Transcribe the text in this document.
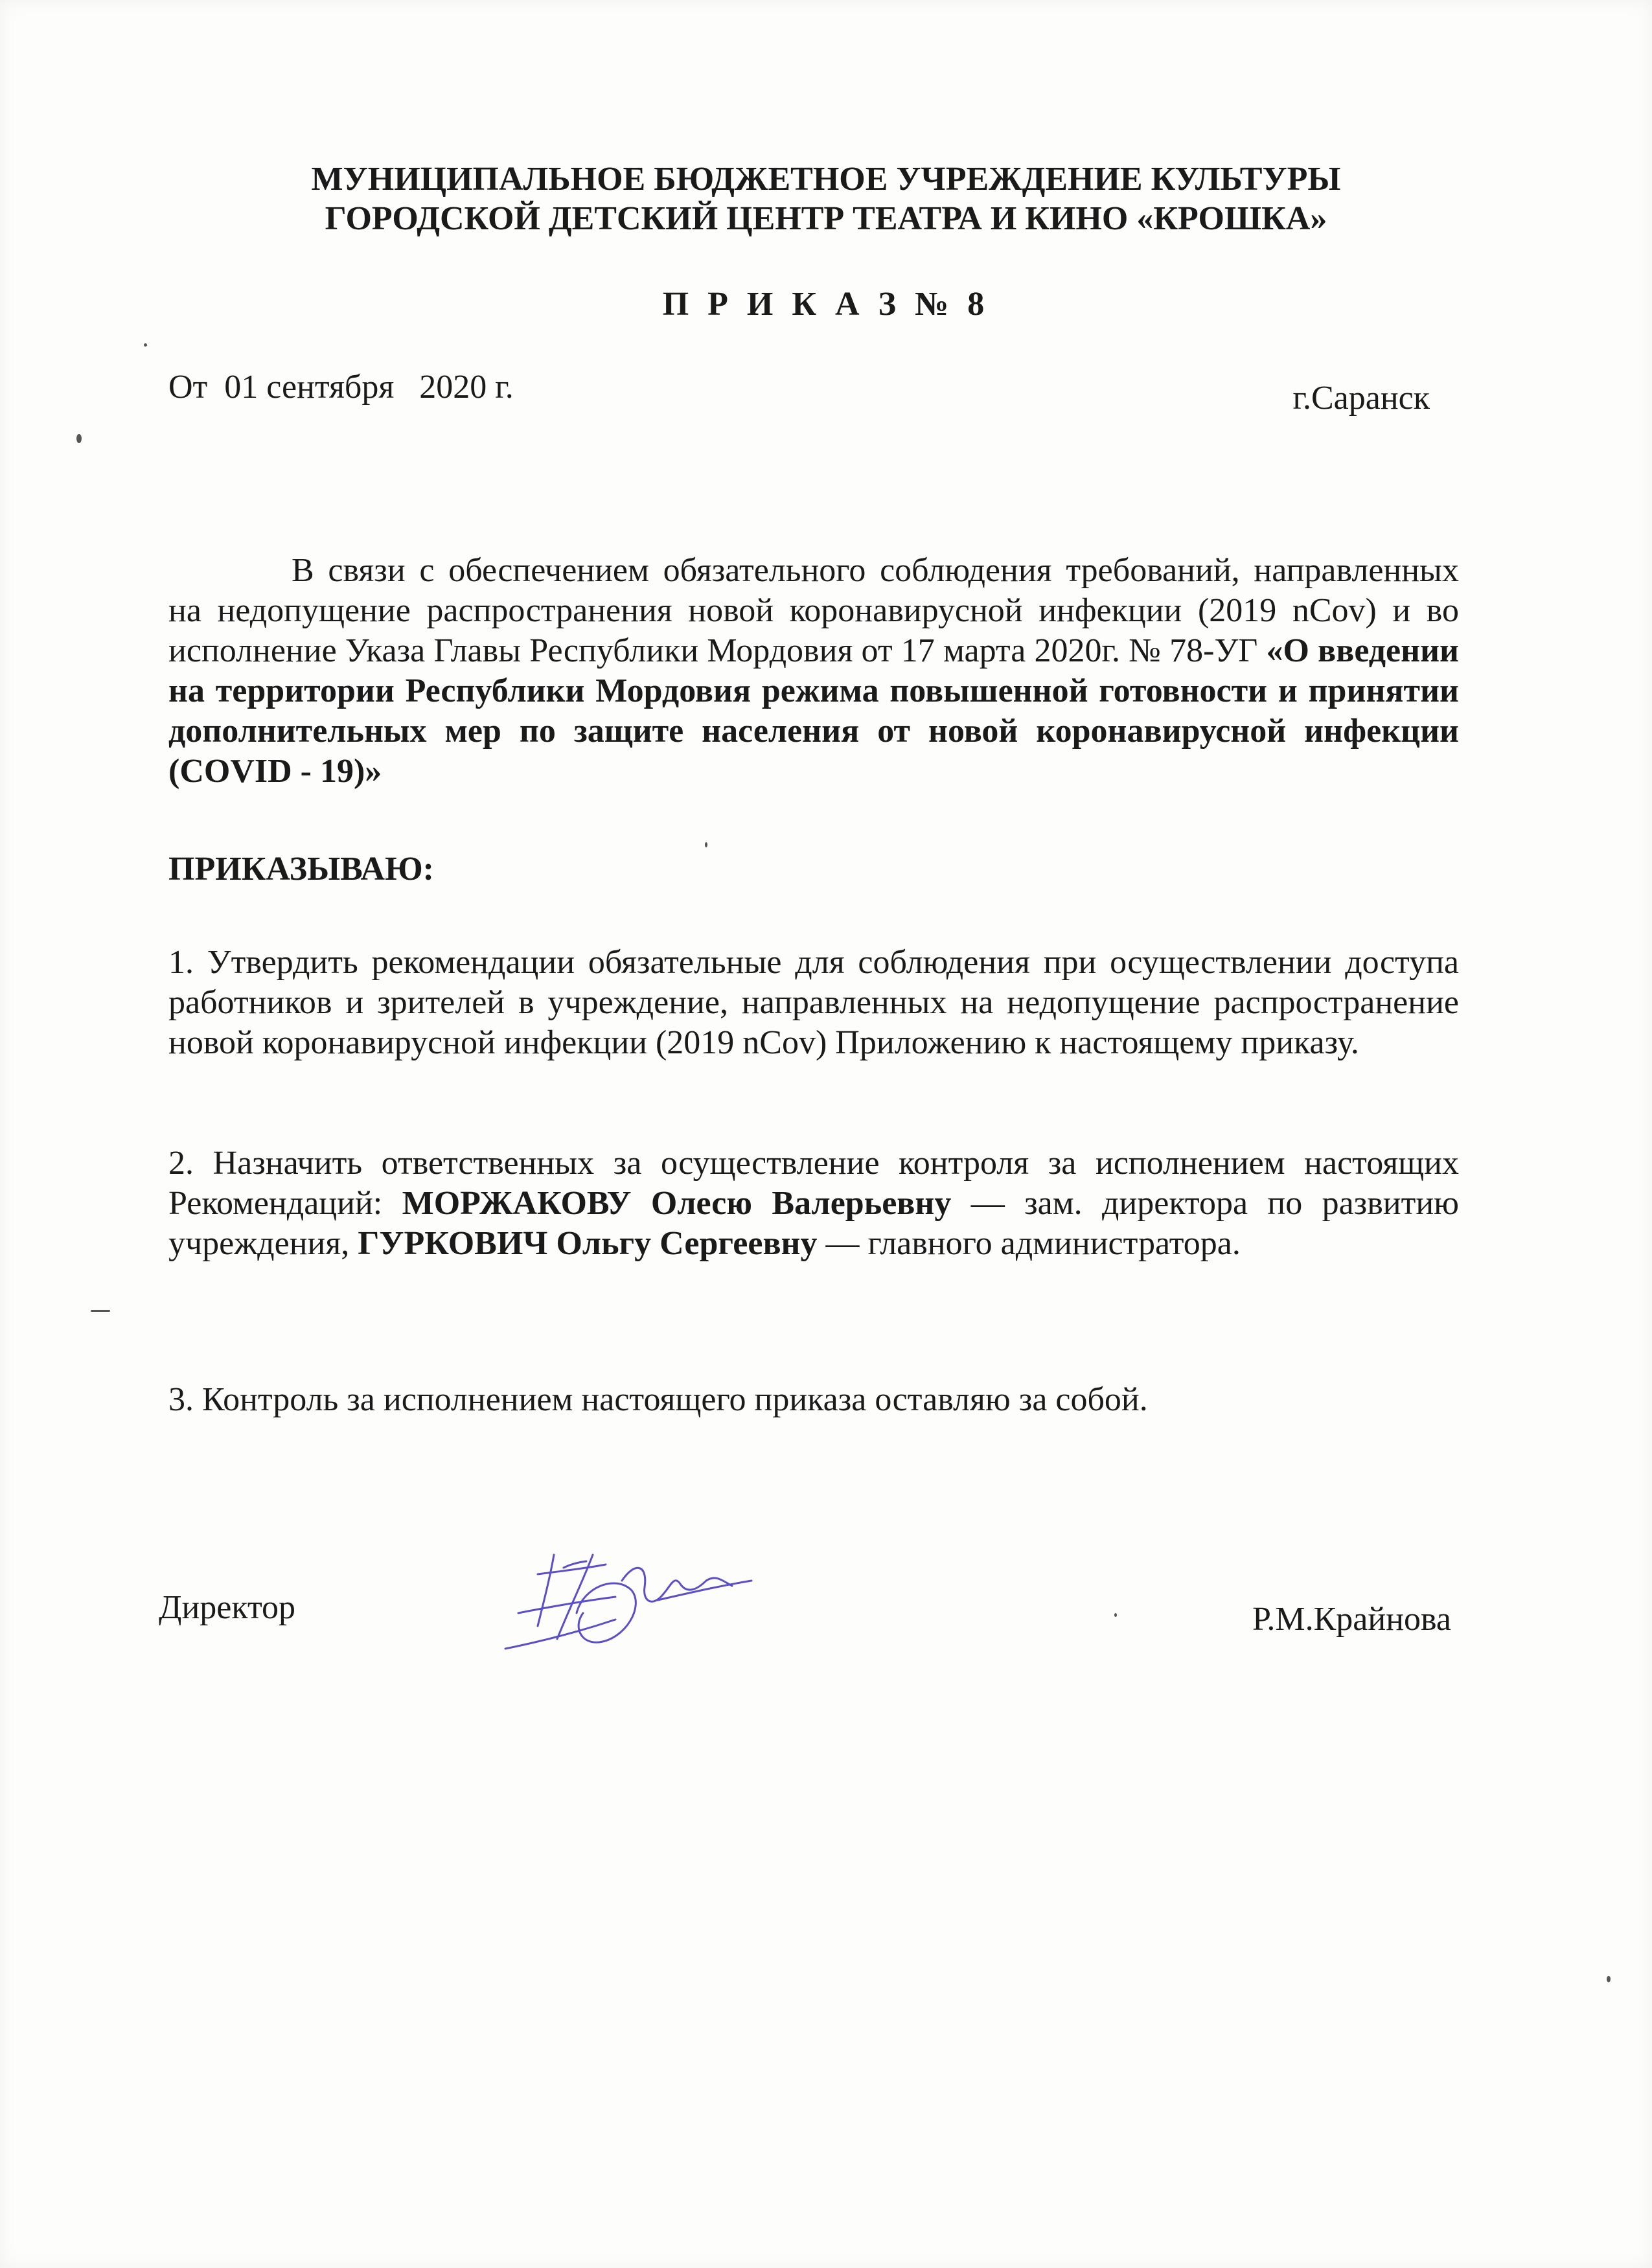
МУНИЦИПАЛЬНОЕ БЮДЖЕТНОЕ УЧРЕЖДЕНИЕ КУЛЬТУРЫ
ГОРОДСКОЙ ДЕТСКИЙ ЦЕНТР ТЕАТРА И КИНО «КРОШКА»
П Р И К А З № 8
От  01 сентября   2020 г.	г.Саранск
В связи с обеспечением обязательного соблюдения требований, направленных на недопущение распространения новой коронавирусной инфекции (2019 nCov) и во исполнение Указа Главы Республики Мордовия от 17 марта 2020г. № 78-УГ «О введении на территории Республики Мордовия режима повышенной готовности и принятии дополнительных мер по защите населения от новой коронавирусной инфекции (COVID - 19)»
ПРИКАЗЫВАЮ:
1. Утвердить рекомендации обязательные для соблюдения при осуществлении доступа работников и зрителей в учреждение, направленных на недопущение распространение новой коронавирусной инфекции (2019 nCov) Приложению к настоящему приказу.
2. Назначить ответственных за осуществление контроля за исполнением настоящих Рекомендаций: МОРЖАКОВУ Олесю Валерьевну — зам. директора по развитию учреждения, ГУРКОВИЧ Ольгу Сергеевну — главного администратора.
3. Контроль за исполнением настоящего приказа оставляю за собой.
Директор	Р.М.Крайнова
